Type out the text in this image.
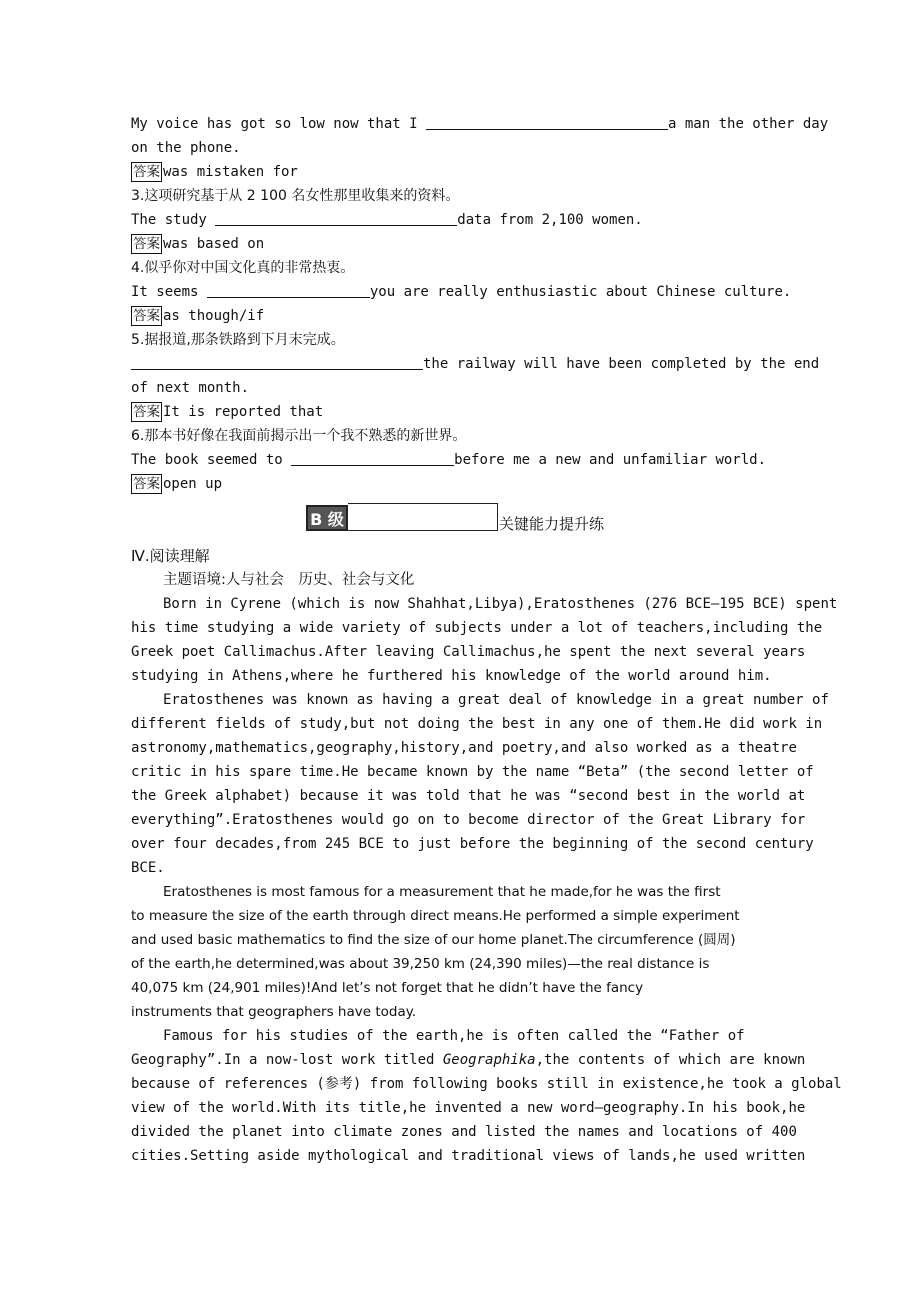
My voice has got so low now that I	a man the other day
on the phone.
答案 was mistaken for
3.这项研究基于从 2 100 名女性那里收集来的资料。
The study	data from 2,100 women.
答案 was based on
4.似乎你对中国文化真的非常热衷。
It seems	you are really enthusiastic about Chinese culture.
答案 as though/if
5.据报道,那条铁路到下月末完成。
the railway will have been completed by the end
of next month.
答案 It is reported that
6.那本书好像在我面前揭示出一个我不熟悉的新世界。
The book seemed to	before me a new and unfamiliar world.
答案 open up
B 级	关键能力提升练
Ⅳ.阅读理解
主题语境:人与社会　历史、社会与文化
Born in Cyrene (which is now Shahhat,Libya),Eratosthenes (276 BCE—195 BCE) spent
his time studying a wide variety of subjects under a lot of teachers,including the
Greek poet Callimachus.After leaving Callimachus,he spent the next several years
studying in Athens,where he furthered his knowledge of the world around him.
Eratosthenes was known as having a great deal of knowledge in a great number of
different fields of study,but not doing the best in any one of them.He did work in
astronomy,mathematics,geography,history,and poetry,and also worked as a theatre
critic in his spare time.He became known by the name “Beta” (the second letter of
the Greek alphabet) because it was told that he was “second best in the world at
everything”.Eratosthenes would go on to become director of the Great Library for
over four decades,from 245 BCE to just before the beginning of the second century
BCE.
Eratosthenes is most famous for a measurement that he made,for he was the first
to measure the size of the earth through direct means.He performed a simple experiment
and used basic mathematics to find the size of our home planet.The circumference (圆周)
of the earth,he determined,was about 39,250 km (24,390 miles)—the real distance is
40,075 km (24,901 miles)!And let’s not forget that he didn’t have the fancy
instruments that geographers have today.
Famous for his studies of the earth,he is often called the “Father of
Geography”.In a now-lost work titled Geographika,the contents of which are known
because of references (参考) from following books still in existence,he took a global
view of the world.With its title,he invented a new word—geography.In his book,he
divided the planet into climate zones and listed the names and locations of 400
cities.Setting aside mythological and traditional views of lands,he used written
